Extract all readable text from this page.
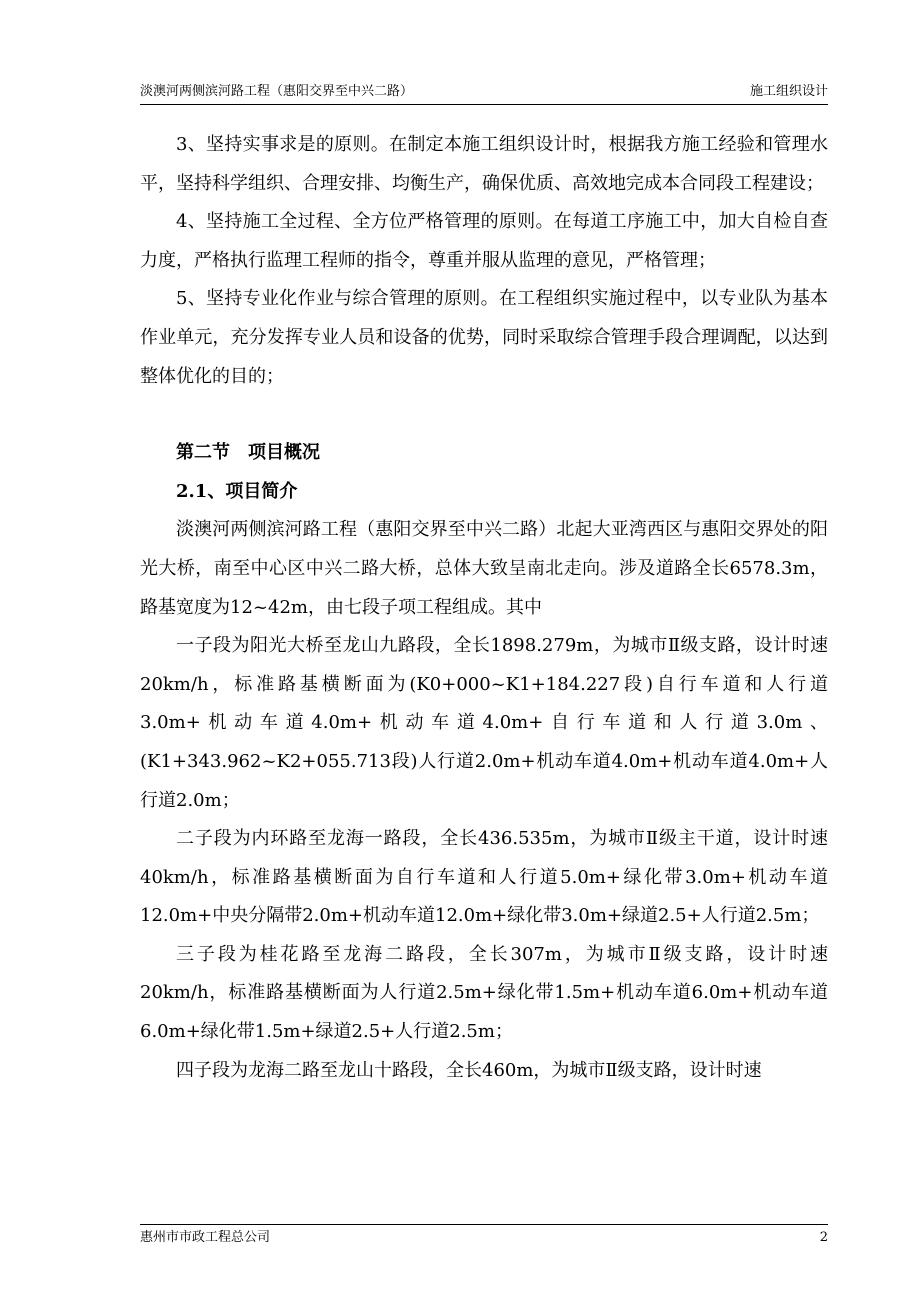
淡澳河两侧滨河路工程（惠阳交界至中兴二路）	施工组织设计

3、坚持实事求是的原则。在制定本施工组织设计时，根据我方施工经验和管理水平，坚持科学组织、合理安排、均衡生产，确保优质、高效地完成本合同段工程建设；

4、坚持施工全过程、全方位严格管理的原则。在每道工序施工中，加大自检自查力度，严格执行监理工程师的指令，尊重并服从监理的意见，严格管理；

5、坚持专业化作业与综合管理的原则。在工程组织实施过程中，以专业队为基本作业单元，充分发挥专业人员和设备的优势，同时采取综合管理手段合理调配，以达到整体优化的目的；

第二节　项目概况

2.1、项目简介

淡澳河两侧滨河路工程（惠阳交界至中兴二路）北起大亚湾西区与惠阳交界处的阳光大桥，南至中心区中兴二路大桥，总体大致呈南北走向。涉及道路全长6578.3m，路基宽度为12~42m，由七段子项工程组成。其中

一子段为阳光大桥至龙山九路段，全长1898.279m，为城市Ⅱ级支路，设计时速20km/h，标准路基横断面为(K0+000~K1+184.227段)自行车道和人行道3.0m+机动车道4.0m+机动车道4.0m+自行车道和人行道3.0m、(K1+343.962~K2+055.713段)人行道2.0m+机动车道4.0m+机动车道4.0m+人行道2.0m；

二子段为内环路至龙海一路段，全长436.535m，为城市Ⅱ级主干道，设计时速40km/h，标准路基横断面为自行车道和人行道5.0m+绿化带3.0m+机动车道12.0m+中央分隔带2.0m+机动车道12.0m+绿化带3.0m+绿道2.5+人行道2.5m；

三子段为桂花路至龙海二路段，全长307m，为城市Ⅱ级支路，设计时速20km/h，标准路基横断面为人行道2.5m+绿化带1.5m+机动车道6.0m+机动车道6.0m+绿化带1.5m+绿道2.5+人行道2.5m；

四子段为龙海二路至龙山十路段，全长460m，为城市Ⅱ级支路，设计时速

惠州市市政工程总公司	2
